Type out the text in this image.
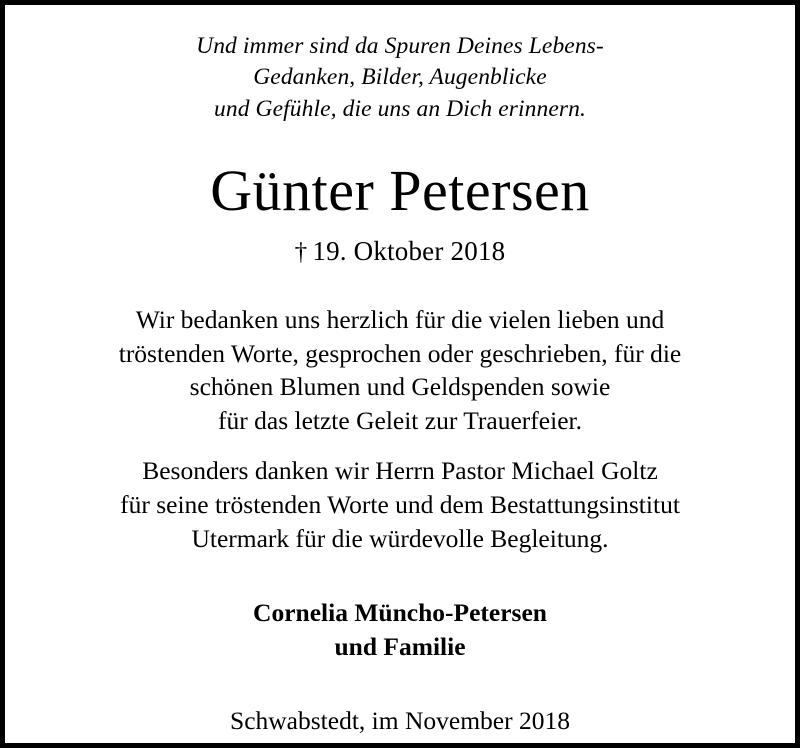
Und immer sind da Spuren Deines Lebens-
Gedanken, Bilder, Augenblicke
und Gefühle, die uns an Dich erinnern.
Günter Petersen
† 19. Oktober 2018
Wir bedanken uns herzlich für die vielen lieben und
tröstenden Worte, gesprochen oder geschrieben, für die
schönen Blumen und Geldspenden sowie
für das letzte Geleit zur Trauerfeier.
Besonders danken wir Herrn Pastor Michael Goltz
für seine tröstenden Worte und dem Bestattungsinstitut
Utermark für die würdevolle Begleitung.
Cornelia Müncho-Petersen
und Familie
Schwabstedt, im November 2018
